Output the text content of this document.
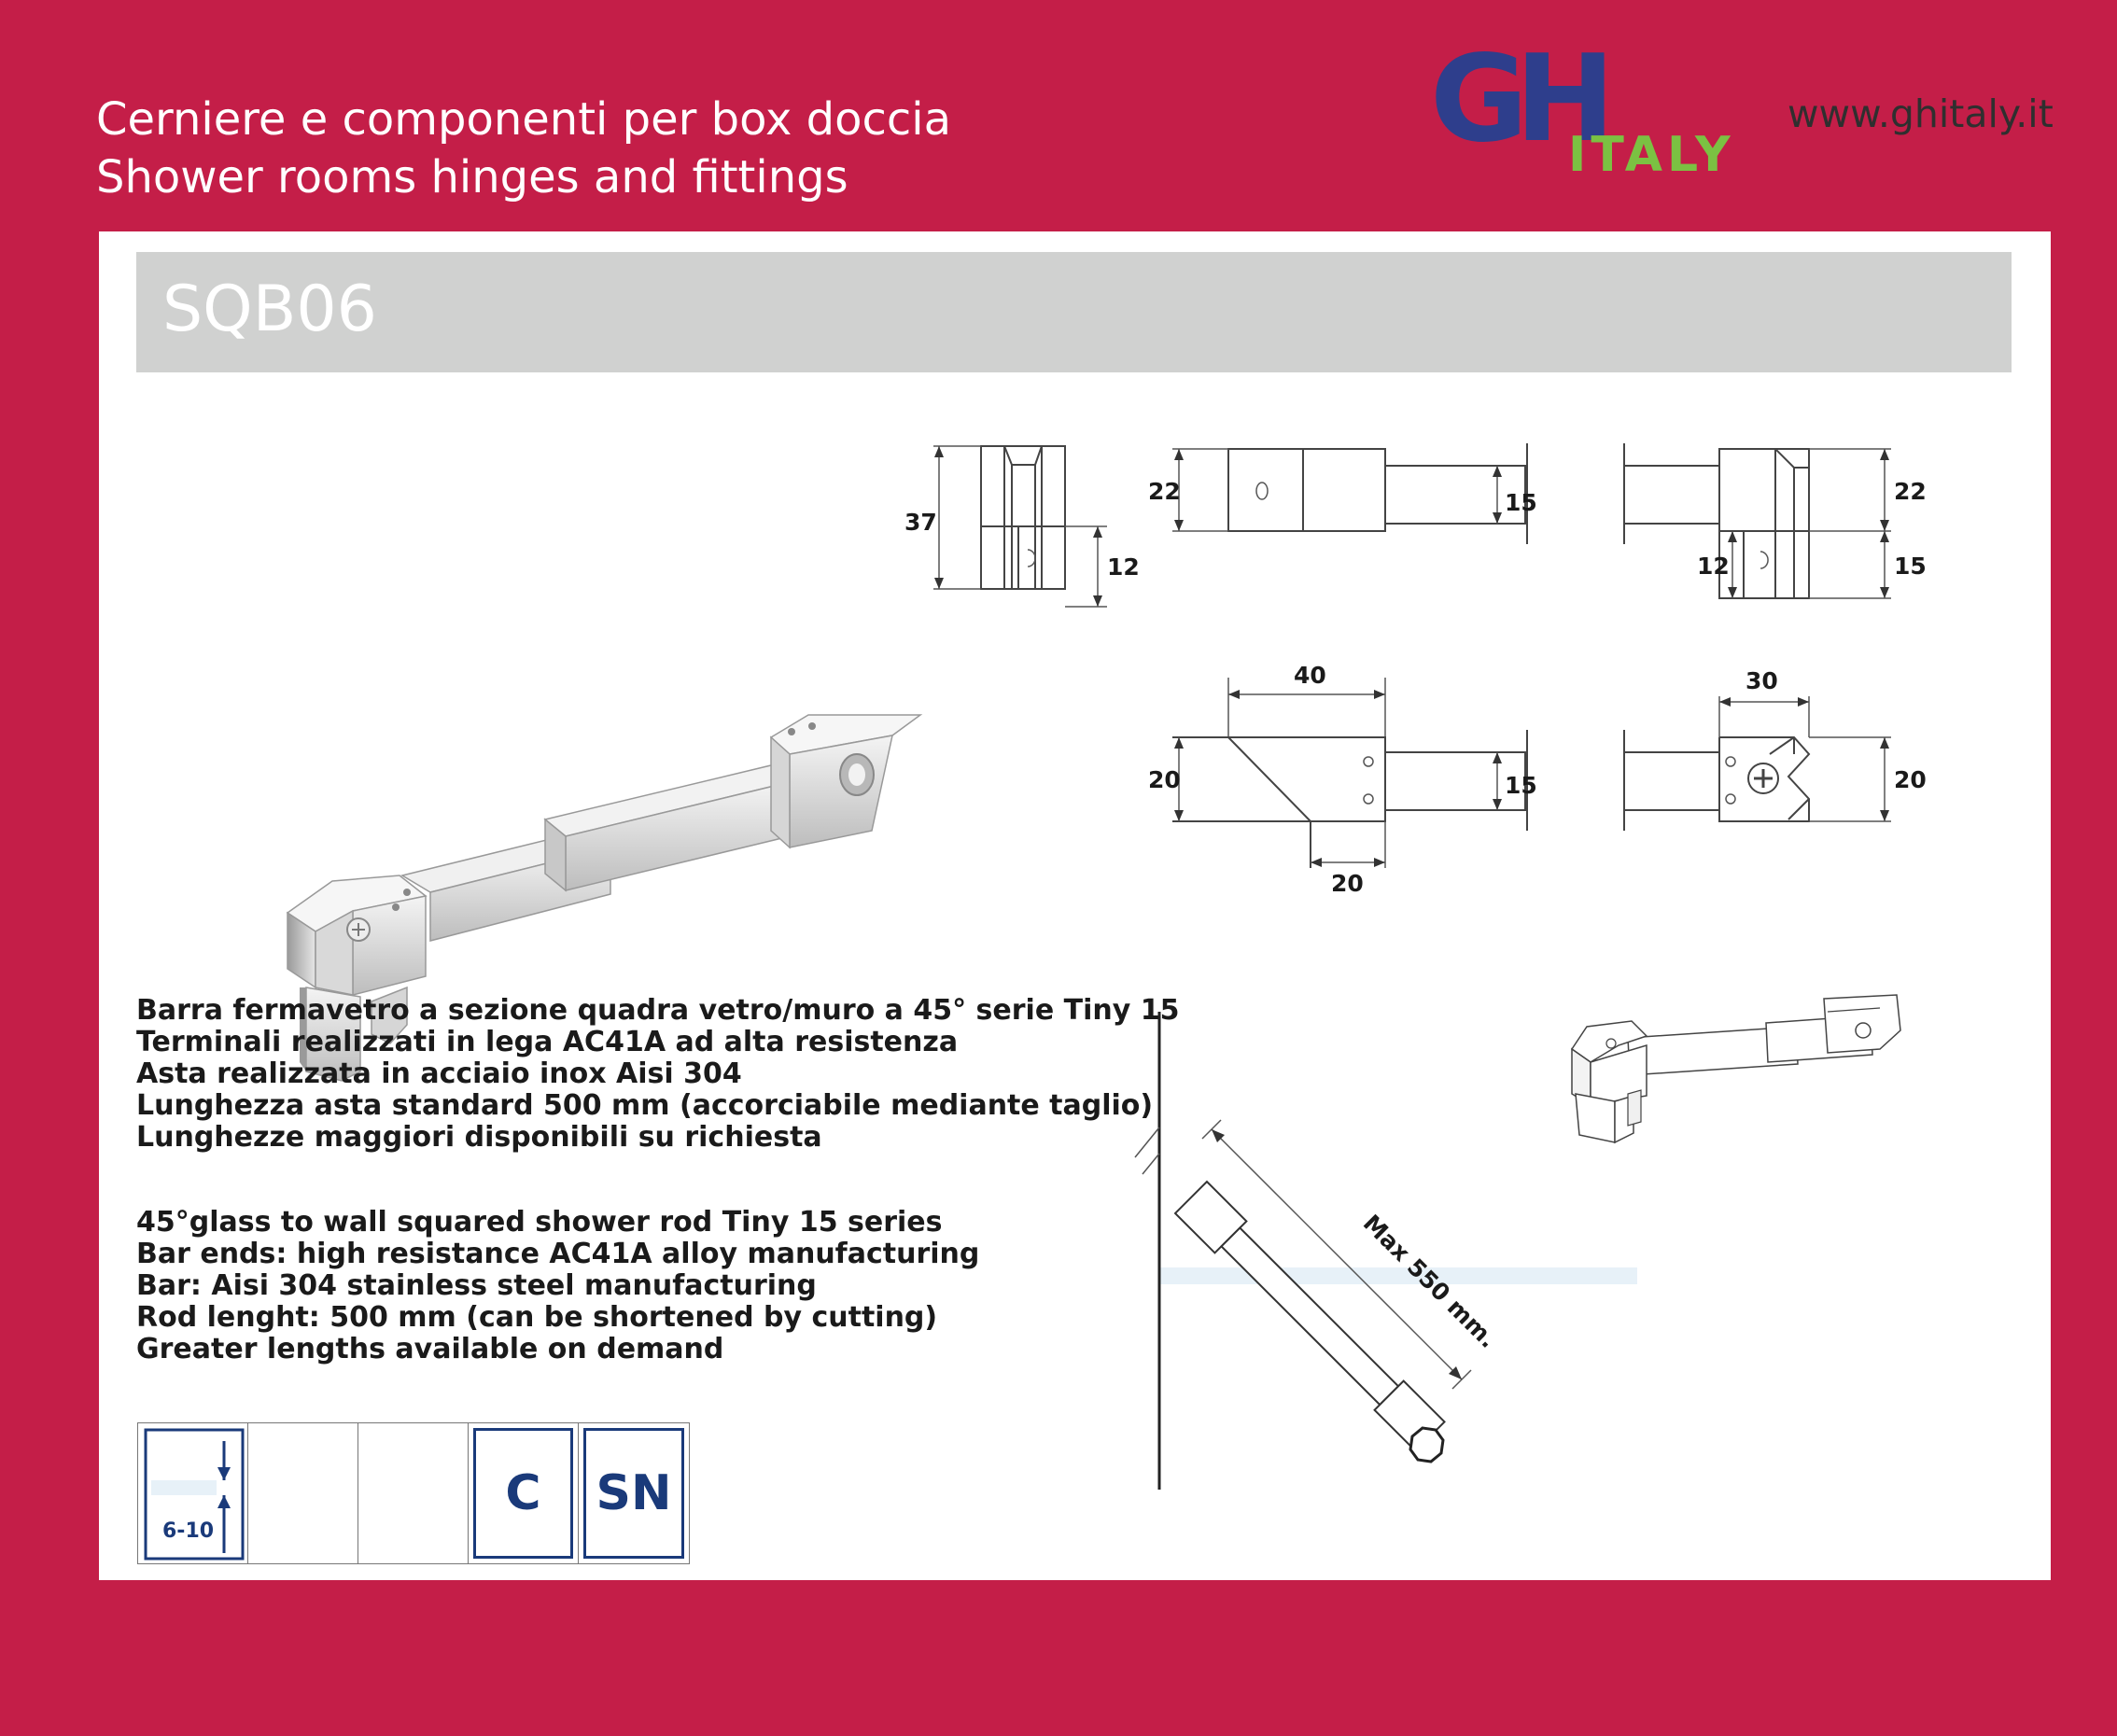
Cerniere e componenti per box doccia
Shower rooms hinges and fittings
GH
ITALY
www.ghitaly.it
SQB06
37
12
22	15	22
15
12
40
20	15
20
30
20
Barra fermavetro a sezione quadra vetro/muro a 45° serie Tiny 15
Terminali realizzati in lega AC41A ad alta resistenza
Asta realizzata in acciaio inox Aisi 304
Lunghezza asta standard 500 mm (accorciabile mediante taglio)
Lunghezze maggiori disponibili su richiesta
45°glass to wall squared shower rod Tiny 15 series
Bar ends: high resistance AC41A alloy manufacturing
Bar: Aisi 304 stainless steel manufacturing
Rod lenght: 500 mm (can be shortened by cutting)
Greater lengths available on demand	Max 550 mm.
6-10
C	SN
